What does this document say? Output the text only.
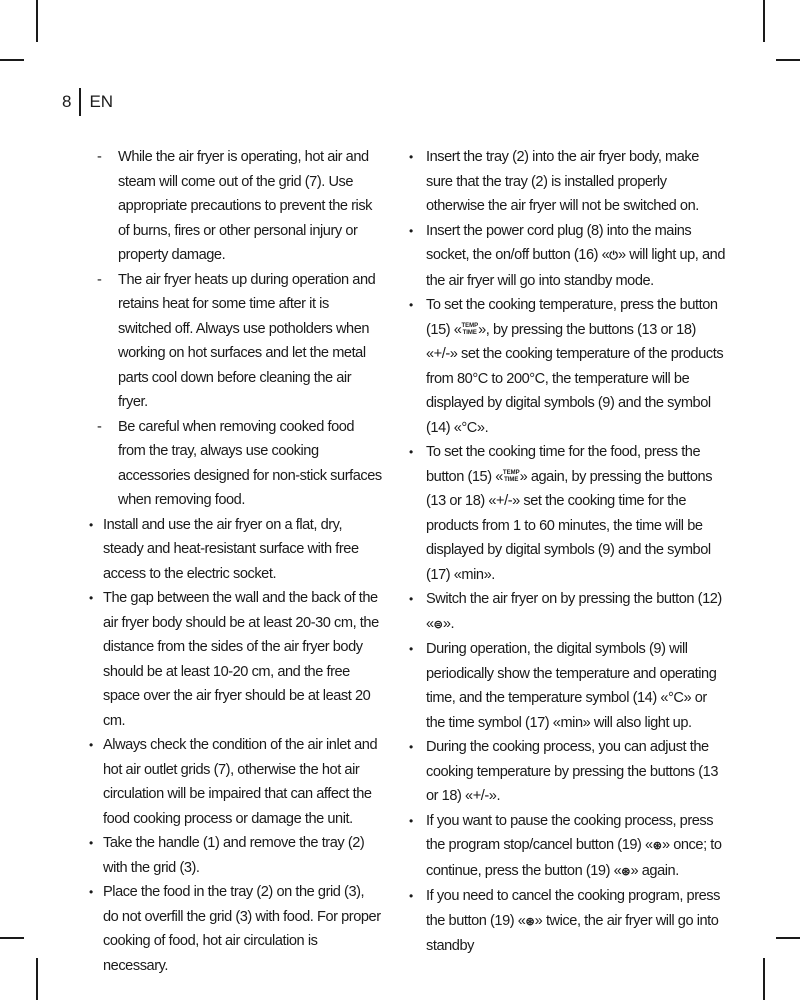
8	EN
- While the air fryer is operating, hot air and steam will come out of the grid (7). Use appropriate precautions to prevent the risk of burns, fires or other personal injury or property damage.
- The air fryer heats up during operation and retains heat for some time after it is switched off. Always use potholders when working on hot surfaces and let the metal parts cool down before cleaning the air fryer.
- Be careful when removing cooked food from the tray, always use cooking accessories designed for non-stick surfaces when removing food.
• Install and use the air fryer on a flat, dry, steady and heat-resistant surface with free access to the electric socket.
• The gap between the wall and the back of the air fryer body should be at least 20-30 cm, the distance from the sides of the air fryer body should be at least 10-20 cm, and the free space over the air fryer should be at least 20 cm.
• Always check the condition of the air inlet and hot air outlet grids (7), otherwise the hot air circulation will be impaired that can affect the food cooking process or damage the unit.
• Take the handle (1) and remove the tray (2) with the grid (3).
• Place the food in the tray (2) on the grid (3), do not overfill the grid (3) with food. For proper cooking of food, hot air circulation is necessary.
• Insert the tray (2) into the air fryer body, make sure that the tray (2) is installed properly otherwise the air fryer will not be switched on.
• Insert the power cord plug (8) into the mains socket, the on/off button (16) «⏻» will light up, and the air fryer will go into standby mode.
• To set the cooking temperature, press the button (15) «TEMP
TIME», by pressing the buttons (13 or 18) «+/-» set the cooking temperature of the products from 80°C to 200°C, the temperature will be displayed by digital symbols (9) and the symbol (14) «°C».
• To set the cooking time for the food, press the button (15) «TEMP
TIME» again, by pressing the buttons (13 or 18) «+/-» set the cooking time for the products from 1 to 60 minutes, the time will be displayed by digital symbols (9) and the symbol (17) «min».
• Switch the air fryer on by pressing the button (12) «⊜».
• During operation, the digital symbols (9) will periodically show the temperature and operating time, and the temperature symbol (14) «°C» or the time symbol (17) «min» will also light up.
• During the cooking process, you can adjust the cooking temperature by pressing the buttons (13 or 18) «+/-».
• If you want to pause the cooking process, press the program stop/cancel button (19) «⊛» once; to continue, press the button (19) «⊛» again.
• If you need to cancel the cooking program, press the button (19) «⊛» twice, the air fryer will go into standby
